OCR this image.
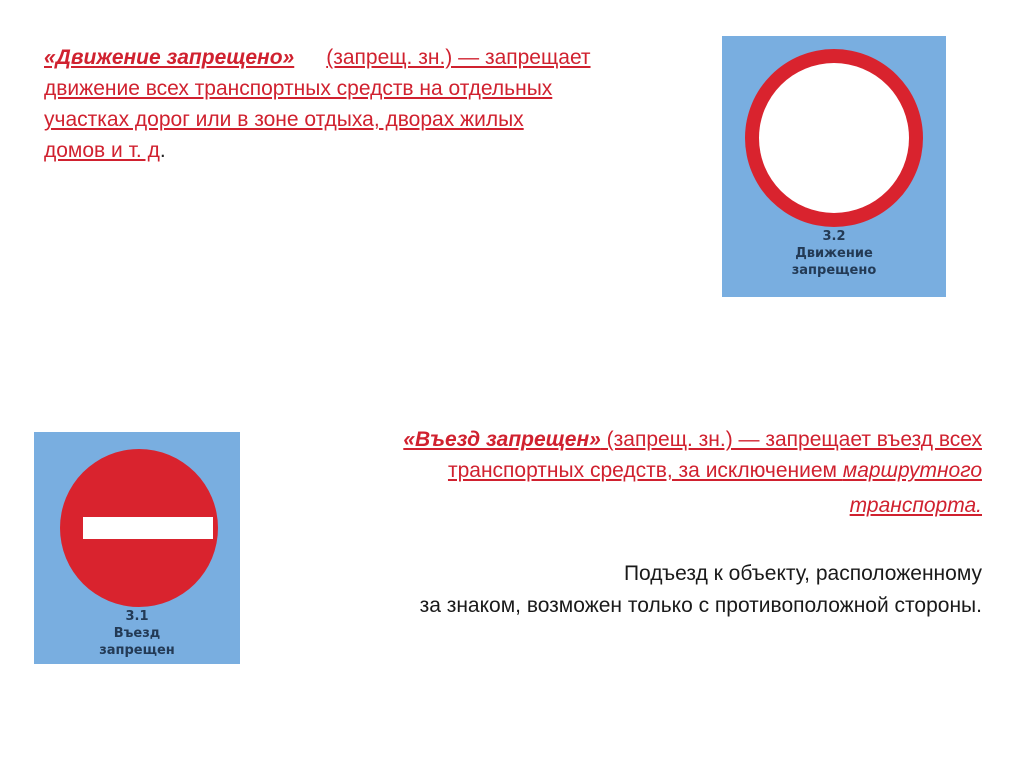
«Движение запрещено» (запрещ. зн.) — запрещает
движение всех транспортных средств на отдельных
участках дорог или в зоне отдыха, дворах жилых
домов и т. д.
3.2
Движение
запрещено
3.1
Въезд
запрещен
«Въезд запрещен» (запрещ. зн.) — запрещает въезд всех
транспортных средств, за исключением маршрутного
транспорта.
Подъезд к объекту, расположенному
за знаком, возможен только с противоположной стороны.
